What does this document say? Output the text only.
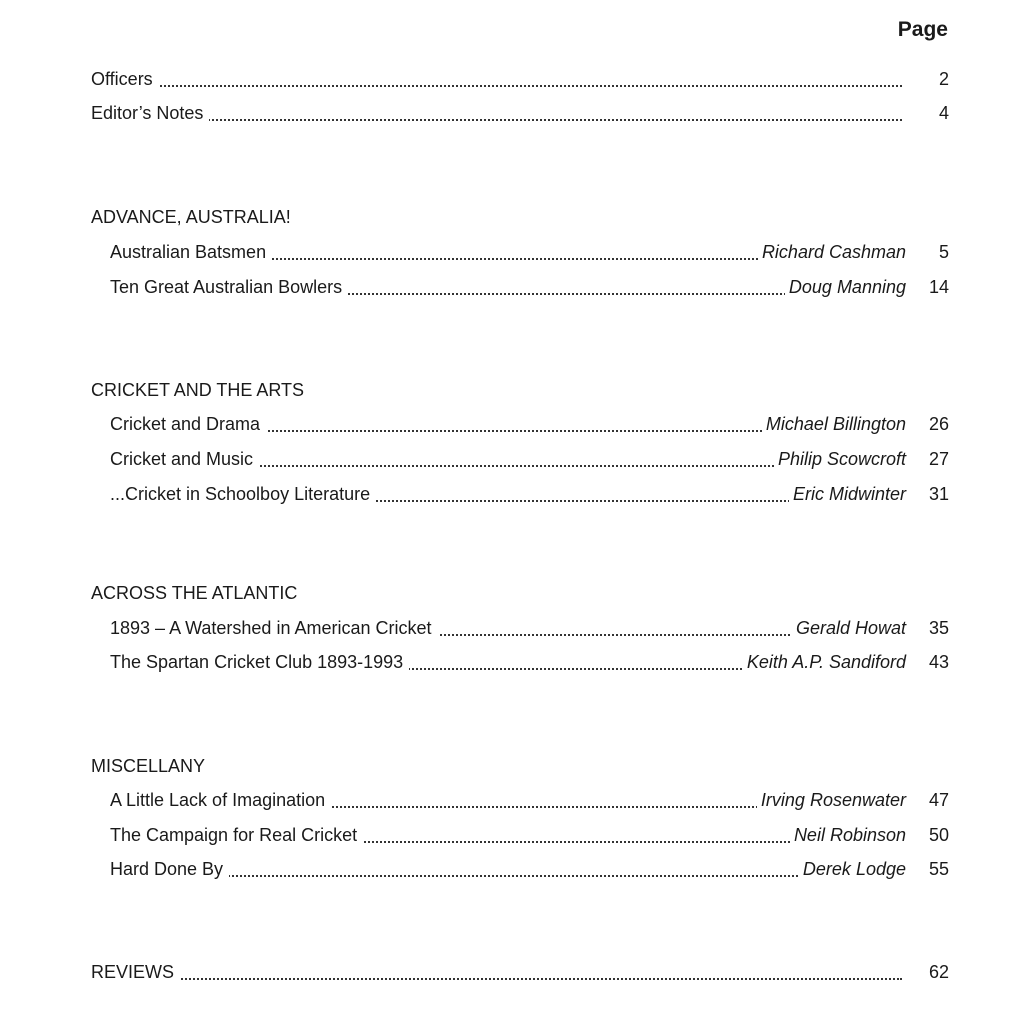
Page
Officers	2
Editor’s Notes	4
ADVANCE, AUSTRALIA!
Australian Batsmen	Richard Cashman 5
Ten Great Australian Bowlers	Doug Manning 14
CRICKET AND THE ARTS
Cricket and Drama	Michael Billington 26
Cricket and Music	Philip Scowcroft 27
...Cricket in Schoolboy Literature	Eric Midwinter 31
ACROSS THE ATLANTIC
1893 – A Watershed in American Cricket	Gerald Howat 35
The Spartan Cricket Club 1893-1993	Keith A.P. Sandiford 43
MISCELLANY
A Little Lack of Imagination	Irving Rosenwater 47
The Campaign for Real Cricket	Neil Robinson 50
Hard Done By	Derek Lodge 55
REVIEWS	62
